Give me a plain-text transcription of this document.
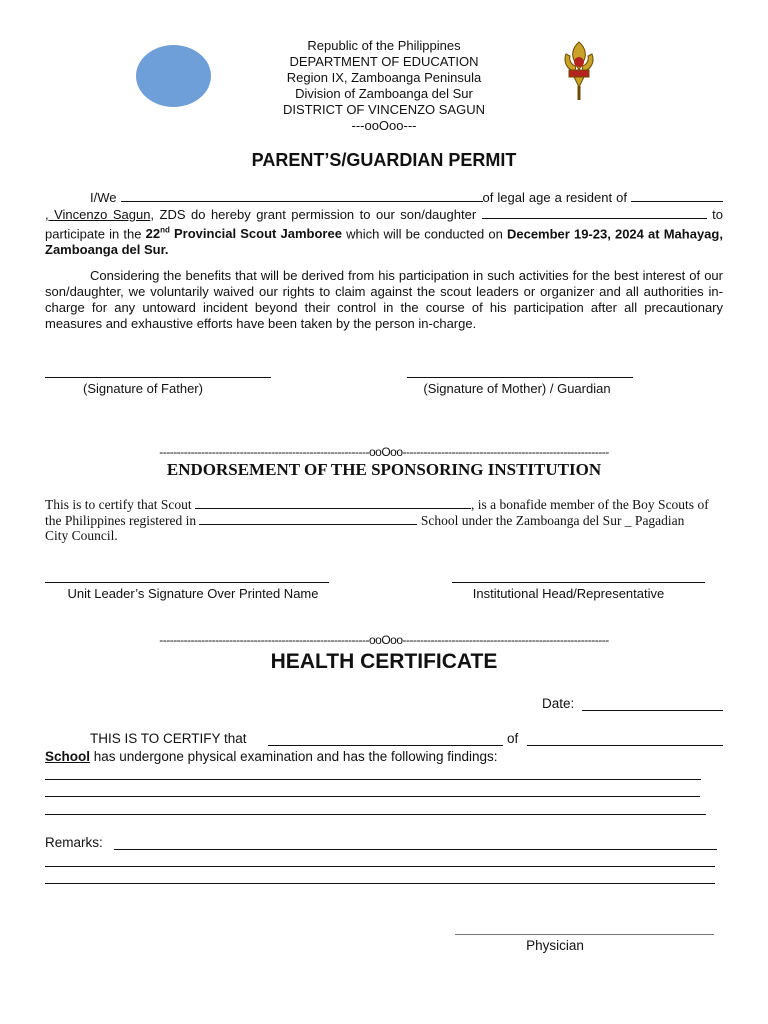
Republic of the Philippines
DEPARTMENT OF EDUCATION
Region IX, Zamboanga Peninsula
Division of Zamboanga del Sur
DISTRICT OF VINCENZO SAGUN
---ooOoo---
PARENT’S/GUARDIAN PERMIT

I/We	of legal age a resident of , Vincenzo Sagun, ZDS do hereby grant permission to our son/daughter	to participate in the 22nd Provincial Scout Jamboree which will be conducted on December 19-23, 2024 at Mahayag, Zamboanga del Sur.

Considering the benefits that will be derived from his participation in such activities for the best interest of our son/daughter, we voluntarily waived our rights to claim against the scout leaders or organizer and all authorities in-charge for any untoward incident beyond their control in the course of his participation after all precautionary measures and exhaustive efforts have been taken by the person in-charge.

(Signature of Father)	(Signature of Mother) / Guardian
------------------------------------------------------------ooOoo-----------------------------------------------------------
ENDORSEMENT OF THE SPONSORING INSTITUTION
This is to certify that Scout	, is a bonafide member of the Boy Scouts of the Philippines registered in	School under the Zamboanga del Sur _ Pagadian City Council.
Unit Leader’s Signature Over Printed Name	Institutional Head/Representative
------------------------------------------------------------ooOoo-----------------------------------------------------------
HEALTH CERTIFICATE
Date:
THIS IS TO CERTIFY that	of
School has undergone physical examination and has the following findings:
Remarks:
Physician
